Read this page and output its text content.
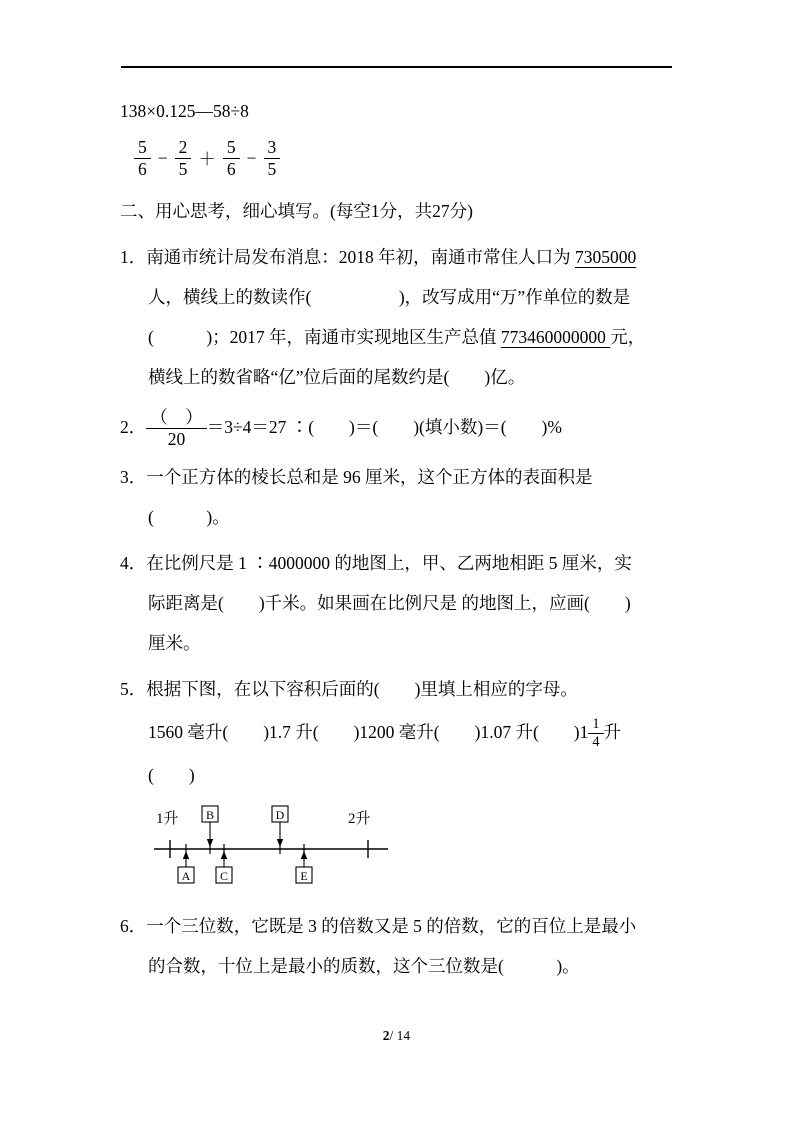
138×0.125—58÷8
$\frac{5}{6} - \frac{2}{5} + \frac{5}{6} - \frac{3}{5}$
二、用心思考，细心填写。(每空1分，共27分)
1．南通市统计局发布消息：2018 年初，南通市常住人口为 7305000
人，横线上的数读作(　　　　　)，改写成用“万”作单位的数是
(　　　)；2017 年，南通市实现地区生产总值 773460000000 元，
横线上的数省略“亿”位后面的尾数约是(　　)亿。
2． $\frac{( )}{20} =3\div 4=27$ ∶(　　)＝(　　)(填小数)＝(　　)%
3．一个正方体的棱长总和是 96 厘米，这个正方体的表面积是
(　　　)。
4．在比例尺是 1 ∶4000000 的地图上，甲、乙两地相距 5 厘米，实
际距离是(　　)千米。如果画在比例尺是 的地图上，应画(　　)
厘米。
5．根据下图，在以下容积后面的(　　)里填上相应的字母。
1560 毫升(　　)1.7 升(　　)1200 毫升(　　)1.07 升(　　)$1 \frac{1}{4}$ 升
(　　)
1升	2升
B	D
A C	E
6．一个三位数，它既是 3 的倍数又是 5 的倍数，它的百位上是最小
的合数，十位上是最小的质数，这个三位数是(　　　)。
2/ 14
